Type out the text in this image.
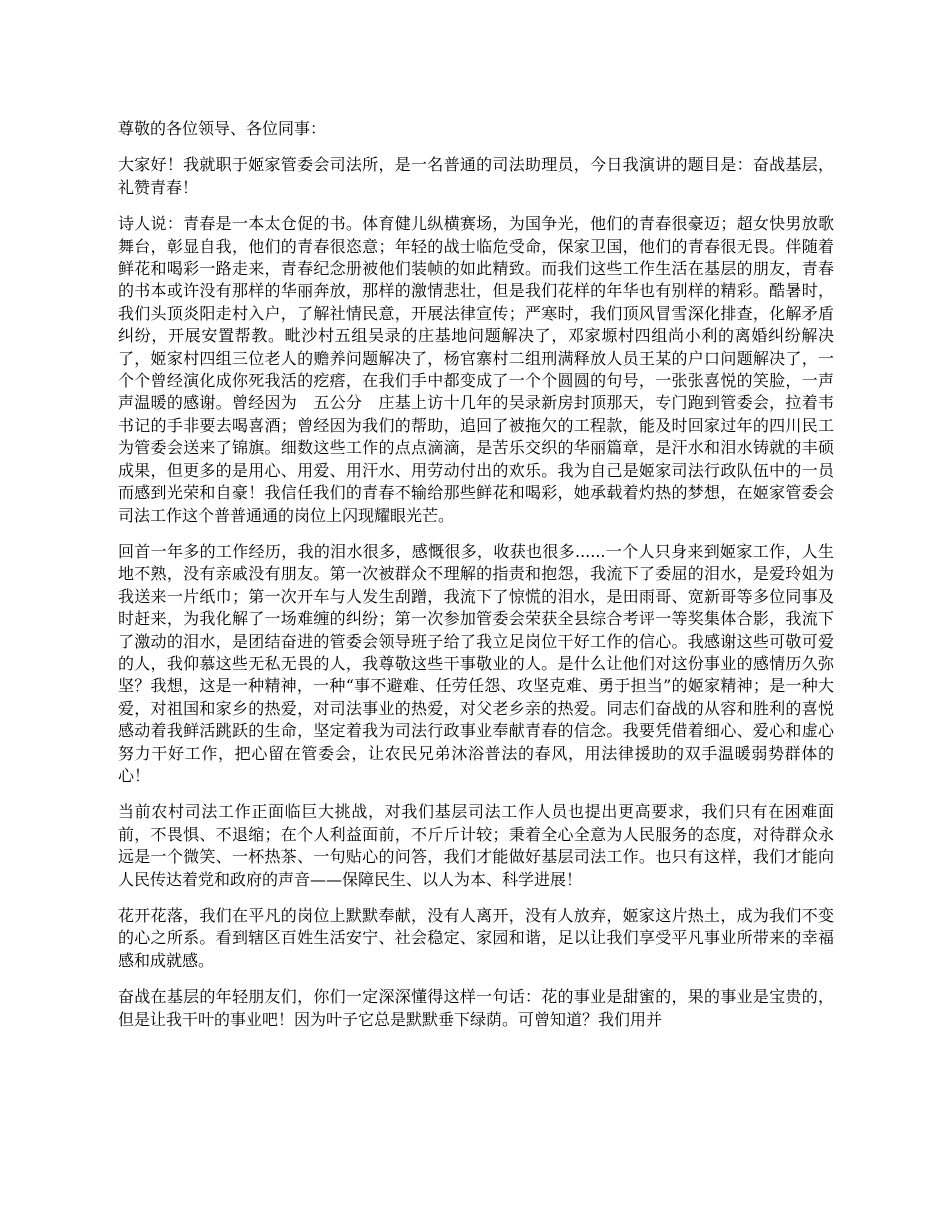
尊敬的各位领导、各位同事：

大家好！我就职于姬家管委会司法所，是一名普通的司法助理员，今日我演讲的题目是：奋战基层，礼赞青春！

诗人说：青春是一本太仓促的书。体育健儿纵横赛场，为国争光，他们的青春很豪迈；超女快男放歌舞台，彰显自我，他们的青春很恣意；年轻的战士临危受命，保家卫国，他们的青春很无畏。伴随着鲜花和喝彩一路走来，青春纪念册被他们装帧的如此精致。而我们这些工作生活在基层的朋友，青春的书本或许没有那样的华丽奔放，那样的激情悲壮，但是我们花样的年华也有别样的精彩。酷暑时，我们头顶炎阳走村入户，了解社情民意，开展法律宣传；严寒时，我们顶风冒雪深化排查，化解矛盾纠纷，开展安置帮教。毗沙村五组吴录的庄基地问题解决了，邓家塬村四组尚小利的离婚纠纷解决了，姬家村四组三位老人的赡养问题解决了，杨官寨村二组刑满释放人员王某的户口问题解决了，一个个曾经演化成你死我活的疙瘩，在我们手中都变成了一个个圆圆的句号，一张张喜悦的笑脸，一声声温暖的感谢。曾经因为　五公分　庄基上访十几年的吴录新房封顶那天，专门跑到管委会，拉着韦书记的手非要去喝喜酒；曾经因为我们的帮助，追回了被拖欠的工程款，能及时回家过年的四川民工为管委会送来了锦旗。细数这些工作的点点滴滴，是苦乐交织的华丽篇章，是汗水和泪水铸就的丰硕成果，但更多的是用心、用爱、用汗水、用劳动付出的欢乐。我为自己是姬家司法行政队伍中的一员而感到光荣和自豪！我信任我们的青春不输给那些鲜花和喝彩，她承载着灼热的梦想，在姬家管委会司法工作这个普普通通的岗位上闪现耀眼光芒。

回首一年多的工作经历，我的泪水很多，感慨很多，收获也很多......一个人只身来到姬家工作，人生地不熟，没有亲戚没有朋友。第一次被群众不理解的指责和抱怨，我流下了委屈的泪水，是爱玲姐为我送来一片纸巾；第一次开车与人发生刮蹭，我流下了惊慌的泪水，是田雨哥、宽新哥等多位同事及时赶来，为我化解了一场难缠的纠纷；第一次参加管委会荣获全县综合考评一等奖集体合影，我流下了激动的泪水，是团结奋进的管委会领导班子给了我立足岗位干好工作的信心。我感谢这些可敬可爱的人，我仰慕这些无私无畏的人，我尊敬这些干事敬业的人。是什么让他们对这份事业的感情历久弥坚？我想，这是一种精神，一种“事不避难、任劳任怨、攻坚克难、勇于担当”的姬家精神；是一种大爱，对祖国和家乡的热爱，对司法事业的热爱，对父老乡亲的热爱。同志们奋战的从容和胜利的喜悦感动着我鲜活跳跃的生命，坚定着我为司法行政事业奉献青春的信念。我要凭借着细心、爱心和虚心努力干好工作，把心留在管委会，让农民兄弟沐浴普法的春风，用法律援助的双手温暖弱势群体的心！

当前农村司法工作正面临巨大挑战，对我们基层司法工作人员也提出更高要求，我们只有在困难面前，不畏惧、不退缩；在个人利益面前，不斤斤计较；秉着全心全意为人民服务的态度，对待群众永远是一个微笑、一杯热茶、一句贴心的问答，我们才能做好基层司法工作。也只有这样，我们才能向人民传达着党和政府的声音——保障民生、以人为本、科学进展！

花开花落，我们在平凡的岗位上默默奉献，没有人离开，没有人放弃，姬家这片热土，成为我们不变的心之所系。看到辖区百姓生活安宁、社会稳定、家园和谐，足以让我们享受平凡事业所带来的幸福感和成就感。

奋战在基层的年轻朋友们，你们一定深深懂得这样一句话：花的事业是甜蜜的，果的事业是宝贵的，但是让我干叶的事业吧！因为叶子它总是默默垂下绿荫。可曾知道？我们用并
